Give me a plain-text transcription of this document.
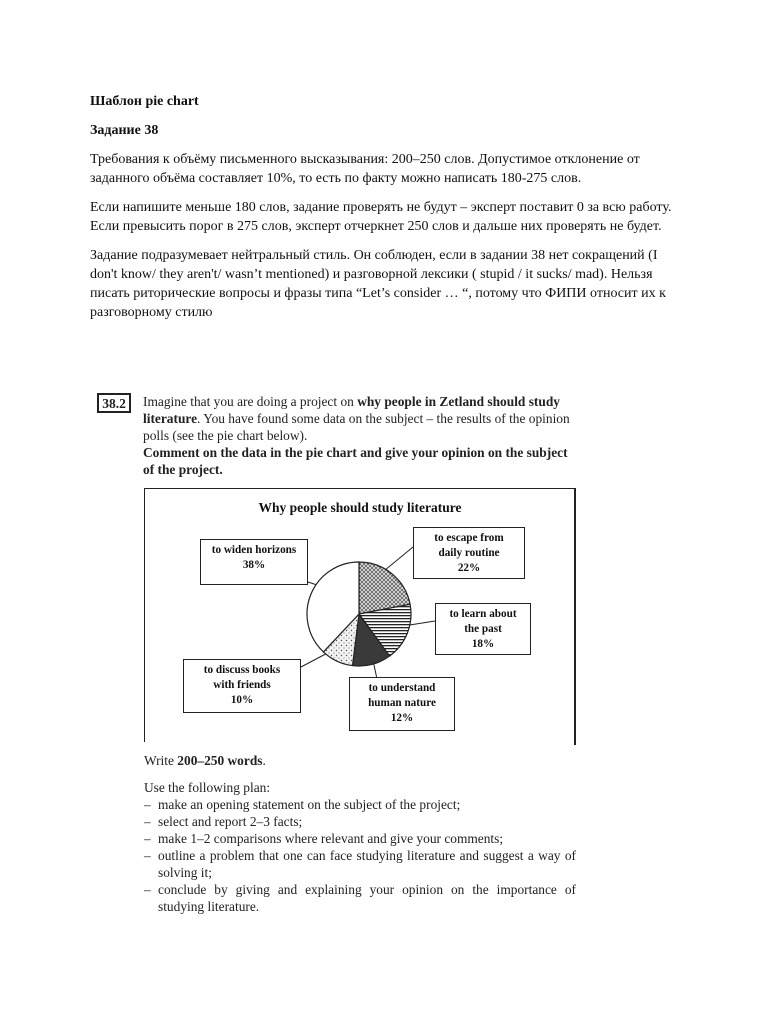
Шаблон pie chart
Задание 38

Требования к объёму письменного высказывания: 200–250 слов. Допустимое отклонение от заданного объёма составляет 10%, то есть по факту можно написать 180-275 слов.

Если напишите меньше 180 слов, задание проверять не будут – эксперт поставит 0 за всю работу. Если превысить порог в 275 слов, эксперт отчеркнет 250 слов и дальше них проверять не будет.

Задание подразумевает нейтральный стиль. Он соблюден, если в задании 38 нет сокращений (I don't know/ they aren't/ wasn’t mentioned) и разговорной лексики ( stupid / it sucks/ mad). Нельзя писать риторические вопросы и фразы типа “Let’s consider … “, потому что ФИПИ относит их к разговорному стилю

38.2	Imagine that you are doing a project on why people in Zetland should study literature. You have found some data on the subject – the results of the opinion polls (see the pie chart below).
Comment on the data in the pie chart and give your opinion on the subject of the project.
Why people should study literature
to widen horizons
38%
to escape from
daily routine
22%
to learn about
the past
18%
to discuss books
with friends
10%
to understand
human nature
12%

Write 200–250 words.

Use the following plan:

– make an opening statement on the subject of the project;
– select and report 2–3 facts;
– make 1–2 comparisons where relevant and give your comments;
– outline a problem that one can face studying literature and suggest a way of solving it;
– conclude by giving and explaining your opinion on the importance of studying literature.
